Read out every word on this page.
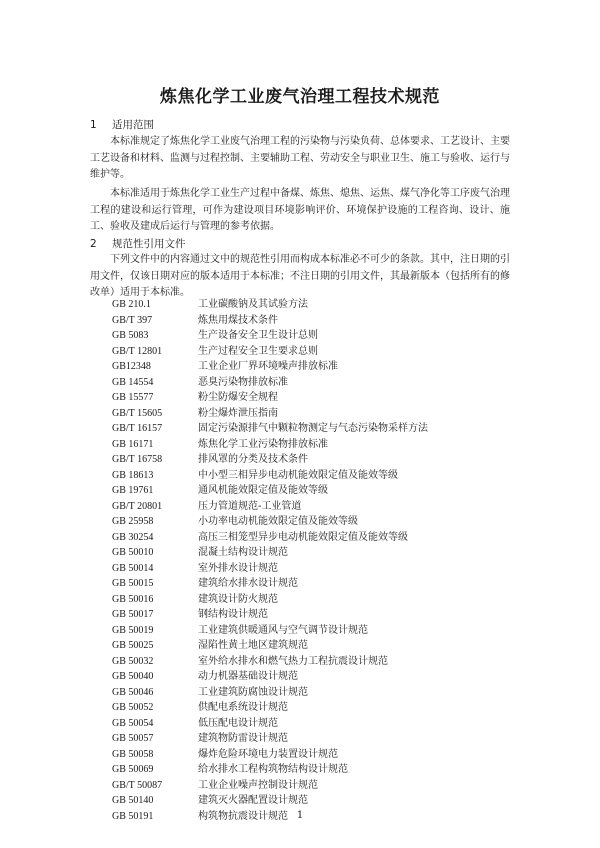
炼焦化学工业废气治理工程技术规范
1 适用范围
本标准规定了炼焦化学工业废气治理工程的污染物与污染负荷、总体要求、工艺设计、主要工艺设备和材料、监测与过程控制、主要辅助工程、劳动安全与职业卫生、施工与验收、运行与维护等。
本标准适用于炼焦化学工业生产过程中备煤、炼焦、熄焦、运焦、煤气净化等工序废气治理工程的建设和运行管理，可作为建设项目环境影响评价、环境保护设施的工程咨询、设计、施工、验收及建成后运行与管理的参考依据。
2 规范性引用文件
下列文件中的内容通过文中的规范性引用而构成本标准必不可少的条款。其中，注日期的引用文件，仅该日期对应的版本适用于本标准；不注日期的引用文件，其最新版本（包括所有的修改单）适用于本标准。
GB 210.1	工业碳酸钠及其试验方法
GB/T 397	炼焦用煤技术条件
GB 5083	生产设备安全卫生设计总则
GB/T 12801	生产过程安全卫生要求总则
GB12348	工业企业厂界环境噪声排放标准
GB 14554	恶臭污染物排放标准
GB 15577	粉尘防爆安全规程
GB/T 15605	粉尘爆炸泄压指南
GB/T 16157	固定污染源排气中颗粒物测定与气态污染物采样方法
GB 16171	炼焦化学工业污染物排放标准
GB/T 16758	排风罩的分类及技术条件
GB 18613	中小型三相异步电动机能效限定值及能效等级
GB 19761	通风机能效限定值及能效等级
GB/T 20801	压力管道规范-工业管道
GB 25958	小功率电动机能效限定值及能效等级
GB 30254	高压三相笼型异步电动机能效限定值及能效等级
GB 50010	混凝土结构设计规范
GB 50014	室外排水设计规范
GB 50015	建筑给水排水设计规范
GB 50016	建筑设计防火规范
GB 50017	钢结构设计规范
GB 50019	工业建筑供暖通风与空气调节设计规范
GB 50025	湿陷性黄土地区建筑规范
GB 50032	室外给水排水和燃气热力工程抗震设计规范
GB 50040	动力机器基础设计规范
GB 50046	工业建筑防腐蚀设计规范
GB 50052	供配电系统设计规范
GB 50054	低压配电设计规范
GB 50057	建筑物防雷设计规范
GB 50058	爆炸危险环境电力装置设计规范
GB 50069	给水排水工程构筑物结构设计规范
GB/T 50087	工业企业噪声控制设计规范
GB 50140	建筑灭火器配置设计规范
GB 50191	构筑物抗震设计规范 1
